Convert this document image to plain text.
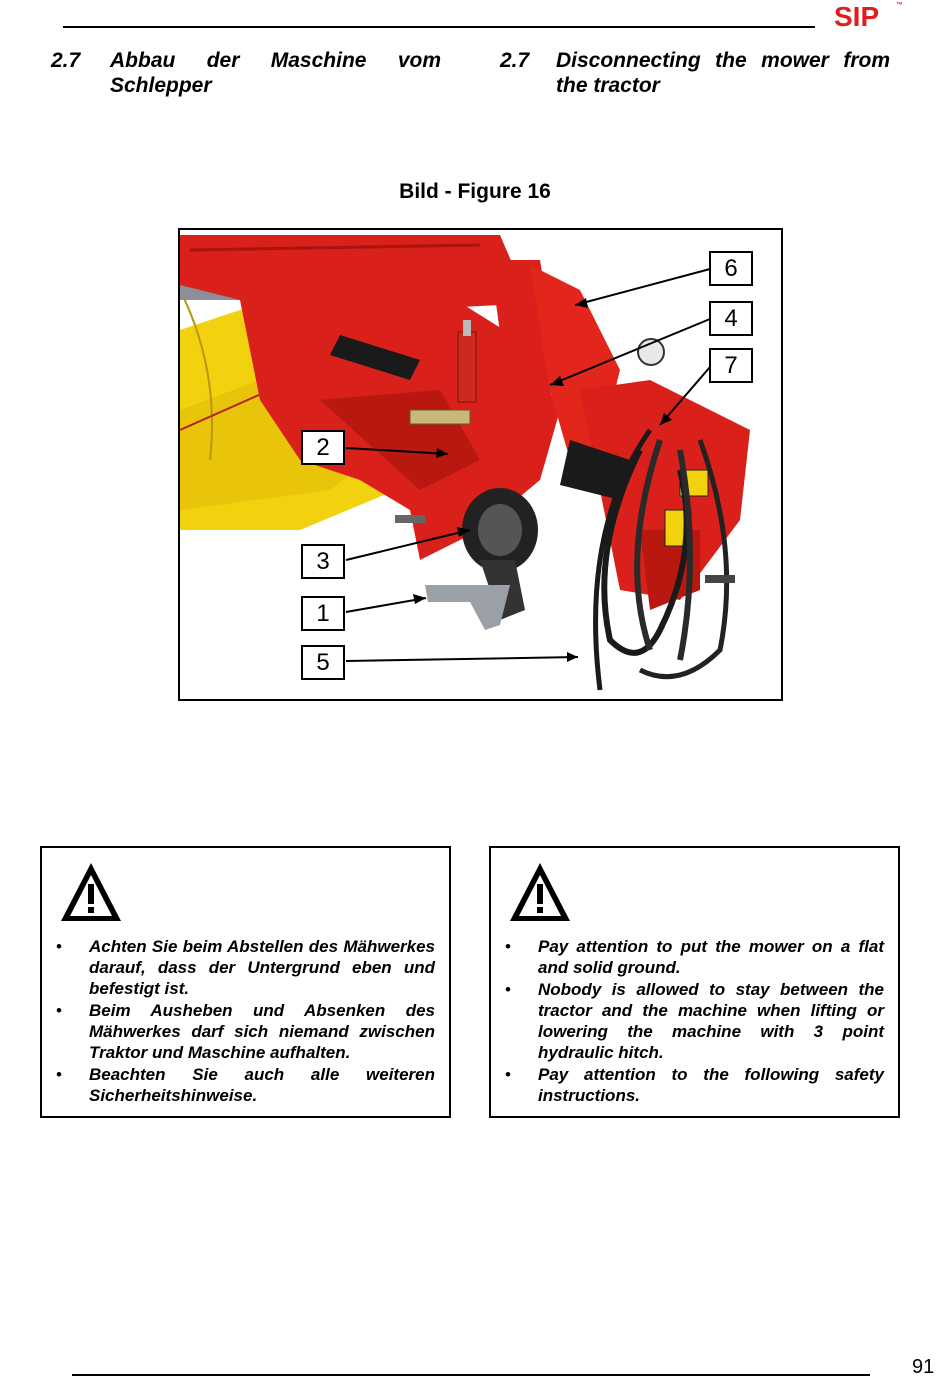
SIP ™
2.7 Abbau der Maschine vom
Schlepper
2.7 Disconnecting the mower from
the tractor
Bild - Figure 16
6
4
7
2
3
1
5
• Achten Sie beim Abstellen des Mähwerkes darauf, dass der Untergrund eben und befestigt ist.
• Beim Ausheben und Absenken des Mähwerkes darf sich niemand zwischen Traktor und Maschine aufhalten.
• Beachten Sie auch alle weiteren Sicherheitshinweise.
• Pay attention to put the mower on a flat and solid ground.
• Nobody is allowed to stay between the tractor and the machine when lifting or lowering the machine with 3 point hydraulic hitch.
• Pay attention to the following safety instructions.
91
